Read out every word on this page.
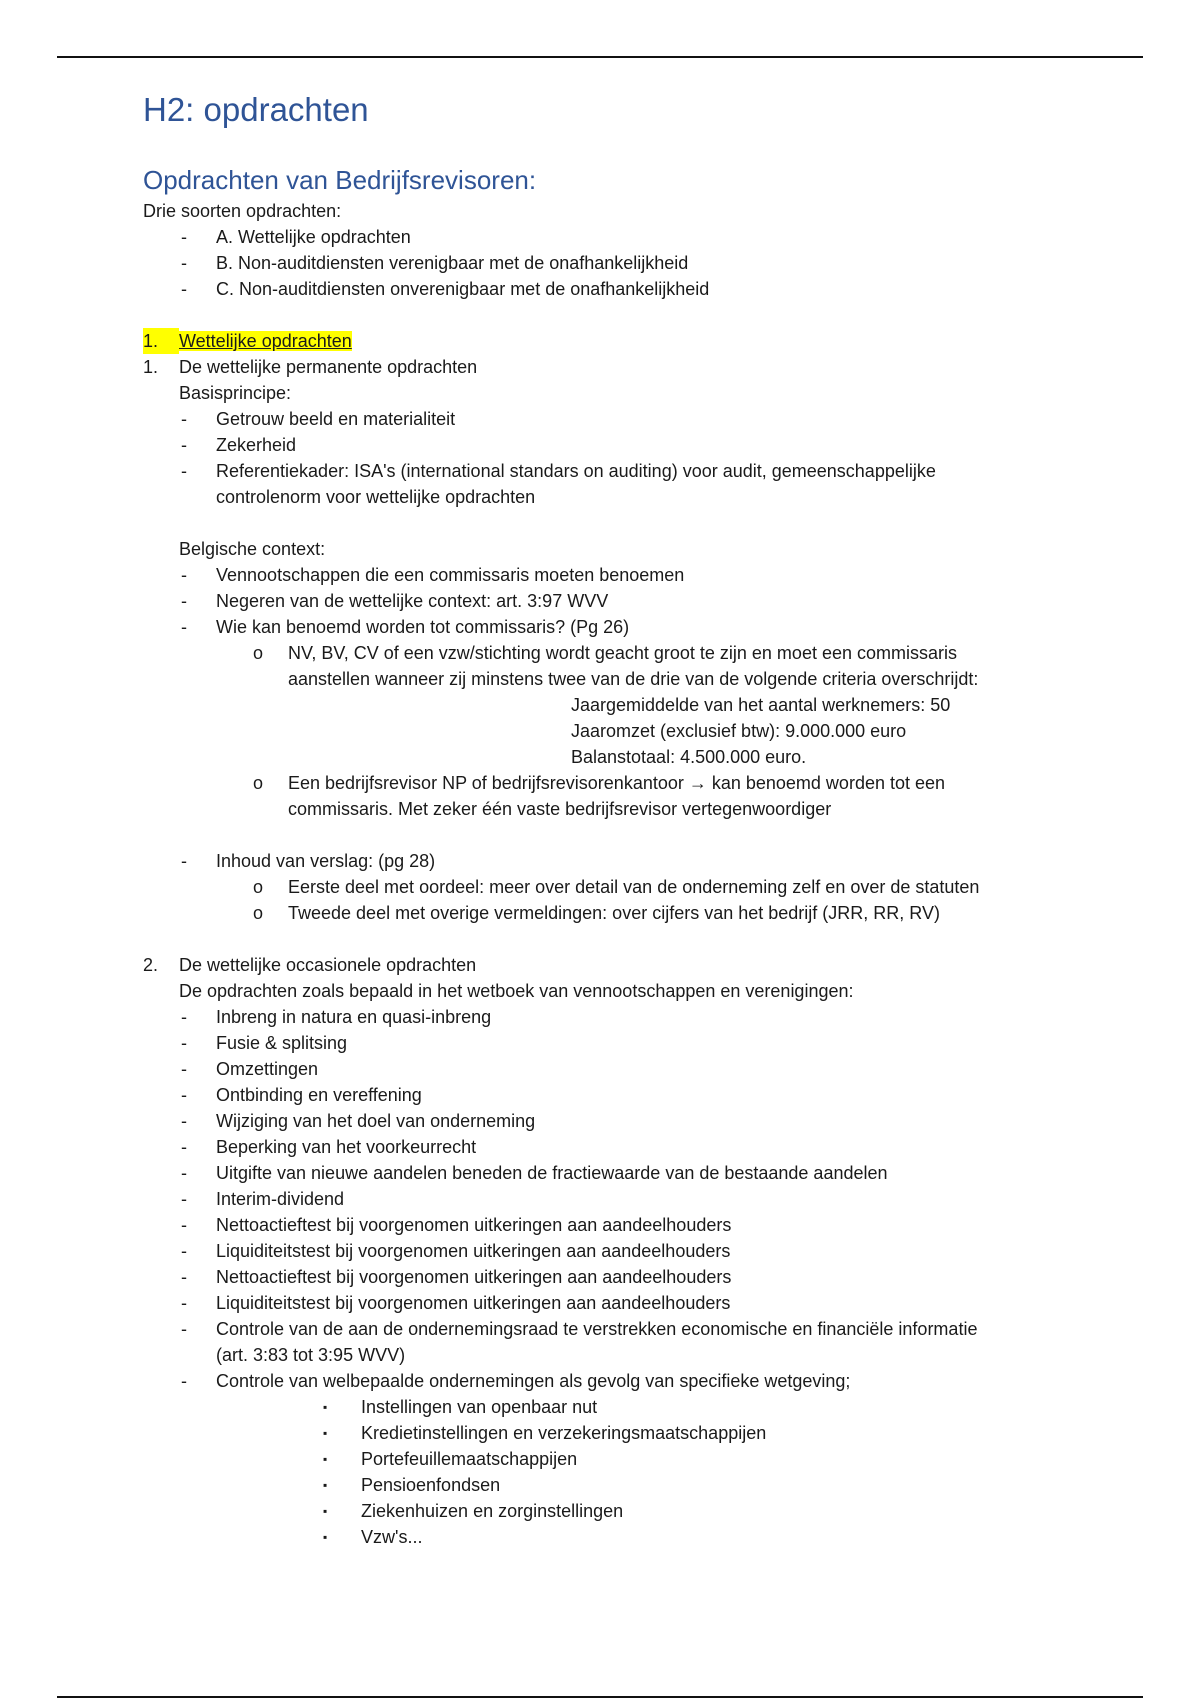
H2: opdrachten
Opdrachten van Bedrijfsrevisoren:
Drie soorten opdrachten:
- A. Wettelijke opdrachten
- B. Non-auditdiensten verenigbaar met de onafhankelijkheid
- C. Non-auditdiensten onverenigbaar met de onafhankelijkheid
1.	Wettelijke opdrachten
1. De wettelijke permanente opdrachten
Basisprincipe:
- Getrouw beeld en materialiteit
- Zekerheid
- Referentiekader: ISA's (international standars on auditing) voor audit, gemeenschappelijke
controlenorm voor wettelijke opdrachten
Belgische context:
- Vennootschappen die een commissaris moeten benoemen
- Negeren van de wettelijke context: art. 3:97 WVV
- Wie kan benoemd worden tot commissaris? (Pg 26)
o NV, BV, CV of een vzw/stichting wordt geacht groot te zijn en moet een commissaris
aanstellen wanneer zij minstens twee van de drie van de volgende criteria overschrijdt:
Jaargemiddelde van het aantal werknemers: 50
Jaaromzet (exclusief btw): 9.000.000 euro
Balanstotaal: 4.500.000 euro.
o Een bedrijfsrevisor NP of bedrijfsrevisorenkantoor → kan benoemd worden tot een
commissaris. Met zeker één vaste bedrijfsrevisor vertegenwoordiger
- Inhoud van verslag: (pg 28)
o Eerste deel met oordeel: meer over detail van de onderneming zelf en over de statuten
o Tweede deel met overige vermeldingen: over cijfers van het bedrijf (JRR, RR, RV)
2. De wettelijke occasionele opdrachten
De opdrachten zoals bepaald in het wetboek van vennootschappen en verenigingen:
- Inbreng in natura en quasi-inbreng
- Fusie & splitsing
- Omzettingen
- Ontbinding en vereffening
- Wijziging van het doel van onderneming
- Beperking van het voorkeurrecht
- Uitgifte van nieuwe aandelen beneden de fractiewaarde van de bestaande aandelen
- Interim-dividend
- Nettoactieftest bij voorgenomen uitkeringen aan aandeelhouders
- Liquiditeitstest bij voorgenomen uitkeringen aan aandeelhouders
- Nettoactieftest bij voorgenomen uitkeringen aan aandeelhouders
- Liquiditeitstest bij voorgenomen uitkeringen aan aandeelhouders
- Controle van de aan de ondernemingsraad te verstrekken economische en financiële informatie
(art. 3:83 tot 3:95 WVV)
- Controle van welbepaalde ondernemingen als gevolg van specifieke wetgeving;
▪ Instellingen van openbaar nut
▪ Kredietinstellingen en verzekeringsmaatschappijen
▪ Portefeuillemaatschappijen
▪ Pensioenfondsen
▪ Ziekenhuizen en zorginstellingen
▪ Vzw's...
